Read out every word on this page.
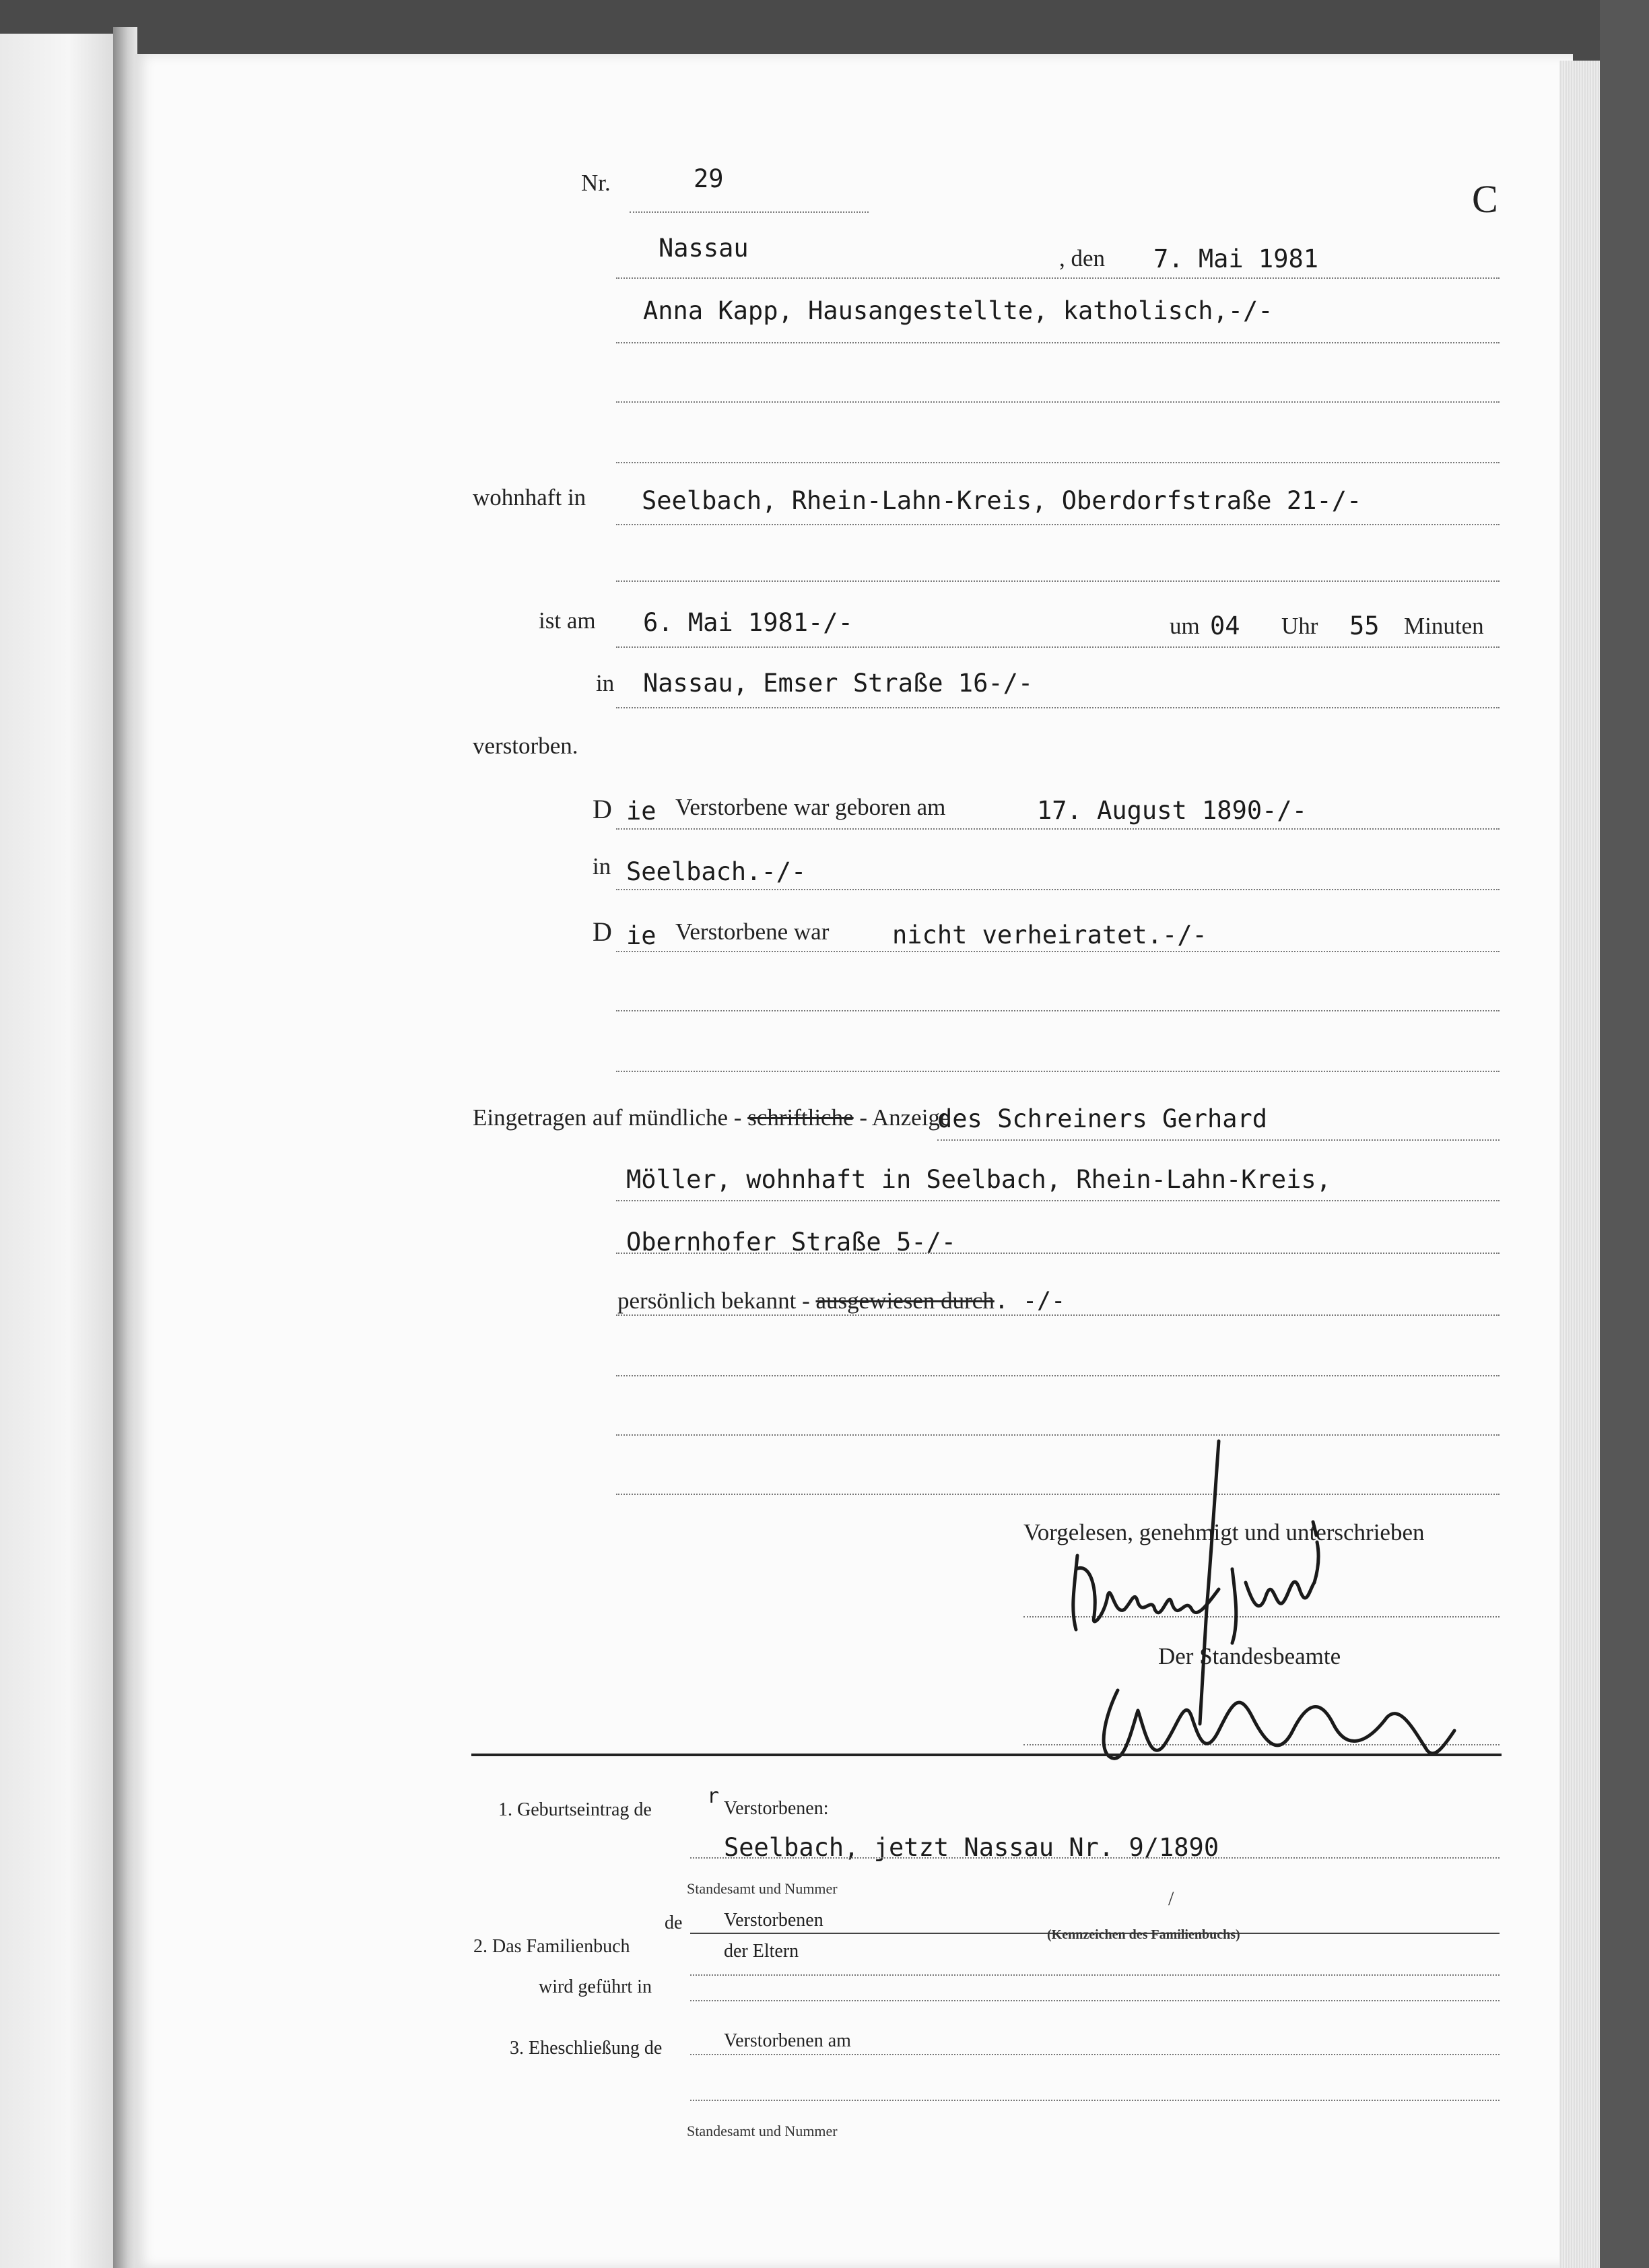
Nr.	29	C
Nassau	, den 7. Mai 1981
Anna Kapp, Hausangestellte, katholisch,-/-
wohnhaft in Seelbach, Rhein-Lahn-Kreis, Oberdorfstraße 21-/-
ist am 6. Mai 1981-/-	um 04 Uhr 55 Minuten
in Nassau, Emser Straße 16-/-
verstorben.
D ie Verstorbene war geboren am	17. August 1890-/-
in Seelbach.-/-
D ie Verstorbene war	nicht verheiratet.-/-
Eingetragen auf mündliche - schriftliche - Anzeige
des Schreiners Gerhard
Möller, wohnhaft in Seelbach, Rhein-Lahn-Kreis,
Obernhofer Straße 5-/-
persönlich bekannt - ausgewiesen durch. -/-
Vorgelesen, genehmigt und unterschrieben
Der Standesbeamte
1. Geburtseintrag de
r
Verstorbenen:
Seelbach, jetzt Nassau Nr. 9/1890
Standesamt und Nummer	/
2. Das Familienbuch
de Verstorbenen
(Kennzeichen des Familienbuchs)
der Eltern
wird geführt in
3. Eheschließung de	Verstorbenen am
Standesamt und Nummer
